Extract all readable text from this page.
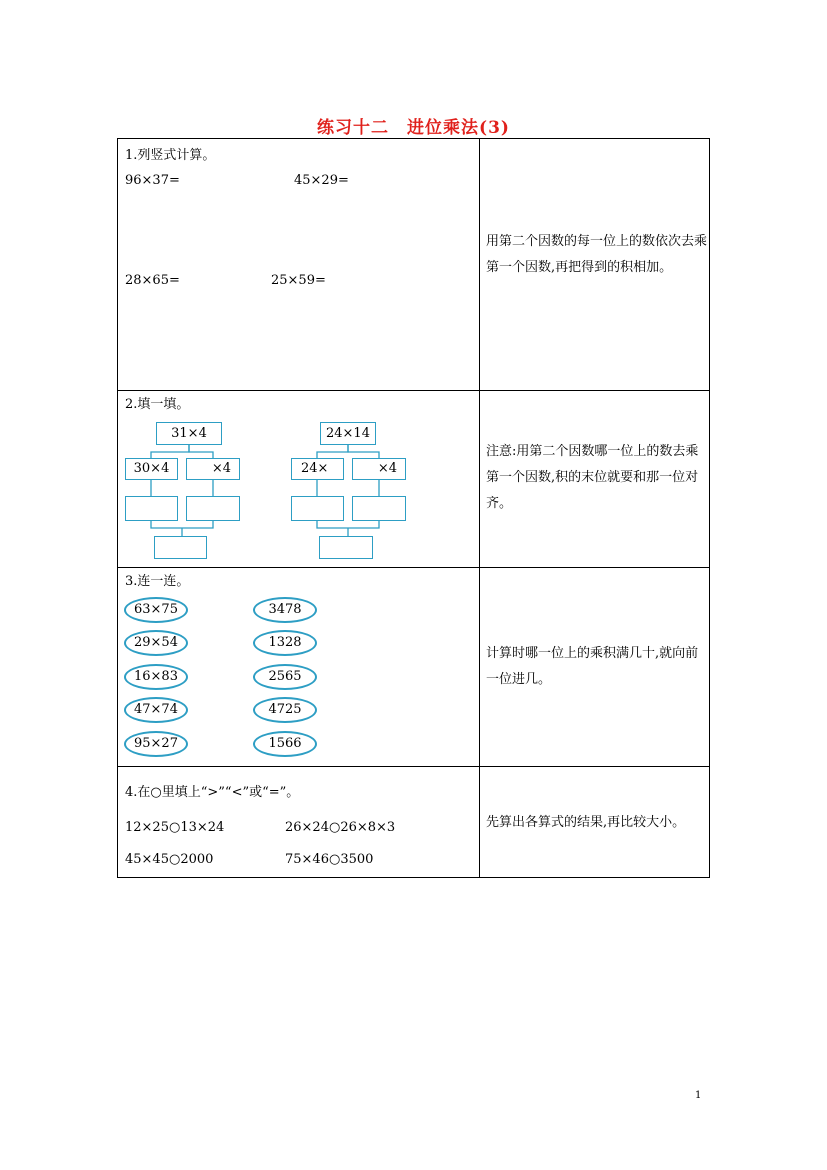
练习十二　进位乘法(3)
1.列竖式计算。
96×37=	45×29=
28×65=	25×59=
用第二个因数的每一位上的数依次去乘第一个因数,再把得到的积相加。
2.填一填。
31×4
30×4	×4
24×14
24×	×4
注意:用第二个因数哪一位上的数去乘第一个因数,积的末位就要和那一位对齐。
3.连一连。
63×75
29×54
16×83
47×74
95×27
3478
1328
2565
4725
1566
计算时哪一位上的乘积满几十,就向前一位进几。
4.在○里填上“>”“<”或“=”。
12×25○13×24	26×24○26×8×3
45×45○2000	75×46○3500
先算出各算式的结果,再比较大小。
1
